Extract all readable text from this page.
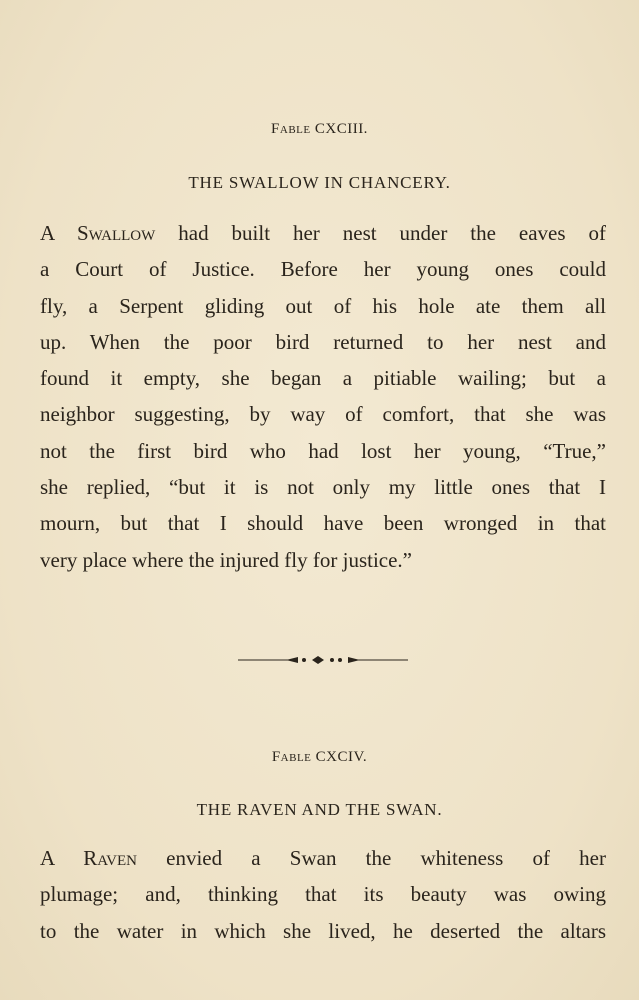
Fable CXCIII.
THE SWALLOW IN CHANCERY.
A Swallow had built her nest under the eaves of
a Court of Justice. Before her young ones could
fly, a Serpent gliding out of his hole ate them all
up. When the poor bird returned to her nest and
found it empty, she began a pitiable wailing; but a
neighbor suggesting, by way of comfort, that she was
not the first bird who had lost her young, “True,”
she replied, “but it is not only my little ones that I
mourn, but that I should have been wronged in that
very place where the injured fly for justice.”
Fable CXCIV.
THE RAVEN AND THE SWAN.
A Raven envied a Swan the whiteness of her
plumage; and, thinking that its beauty was owing
to the water in which she lived, he deserted the altars
